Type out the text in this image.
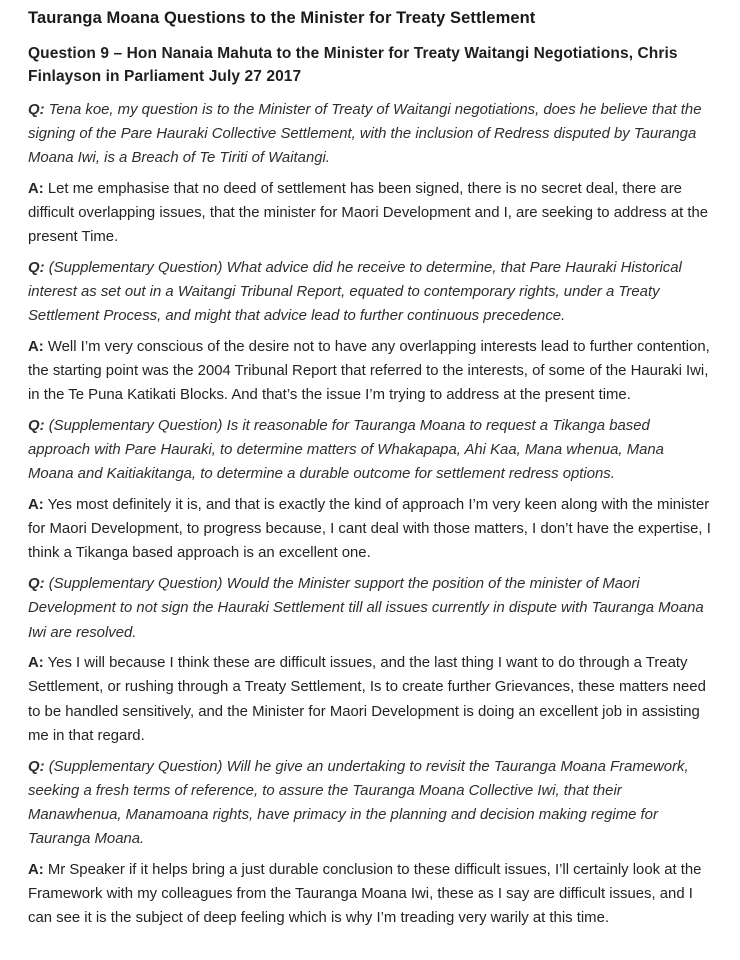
Tauranga Moana Questions to the Minister for Treaty Settlement
Question 9 – Hon Nanaia Mahuta to the Minister for Treaty Waitangi Negotiations, Chris Finlayson in Parliament July 27 2017

Q: Tena koe, my question is to the Minister of Treaty of Waitangi negotiations, does he believe that the signing of the Pare Hauraki Collective Settlement, with the inclusion of Redress disputed by Tauranga Moana Iwi, is a Breach of Te Tiriti of Waitangi.

A: Let me emphasise that no deed of settlement has been signed, there is no secret deal, there are difficult overlapping issues, that the minister for Maori Development and I, are seeking to address at the present Time.

Q: (Supplementary Question) What advice did he receive to determine, that Pare Hauraki Historical interest as set out in a Waitangi Tribunal Report, equated to contemporary rights, under a Treaty Settlement Process, and might that advice lead to further continuous precedence.

A: Well I’m very conscious of the desire not to have any overlapping interests lead to further contention, the starting point was the 2004 Tribunal Report that referred to the interests, of some of the Hauraki Iwi, in the Te Puna Katikati Blocks. And that’s the issue I’m trying to address at the present time.

Q: (Supplementary Question) Is it reasonable for Tauranga Moana to request a Tikanga based approach with Pare Hauraki, to determine matters of Whakapapa, Ahi Kaa, Mana whenua, Mana Moana and Kaitiakitanga, to determine a durable outcome for settlement redress options.

A: Yes most definitely it is, and that is exactly the kind of approach I’m very keen along with the minister for Maori Development, to progress because, I cant deal with those matters, I don’t have the expertise, I think a Tikanga based approach is an excellent one.

Q: (Supplementary Question) Would the Minister support the position of the minister of Maori Development to not sign the Hauraki Settlement till all issues currently in dispute with Tauranga Moana Iwi are resolved.

A: Yes I will because I think these are difficult issues, and the last thing I want to do through a Treaty Settlement, or rushing through a Treaty Settlement, Is to create further Grievances, these matters need to be handled sensitively, and the Minister for Maori Development is doing an excellent job in assisting me in that regard.

Q: (Supplementary Question) Will he give an undertaking to revisit the Tauranga Moana Framework, seeking a fresh terms of reference, to assure the Tauranga Moana Collective Iwi, that their Manawhenua, Manamoana rights, have primacy in the planning and decision making regime for Tauranga Moana.

A: Mr Speaker if it helps bring a just durable conclusion to these difficult issues, I’ll certainly look at the Framework with my colleagues from the Tauranga Moana Iwi, these as I say are difficult issues, and I can see it is the subject of deep feeling which is why I’m treading very warily at this time.
